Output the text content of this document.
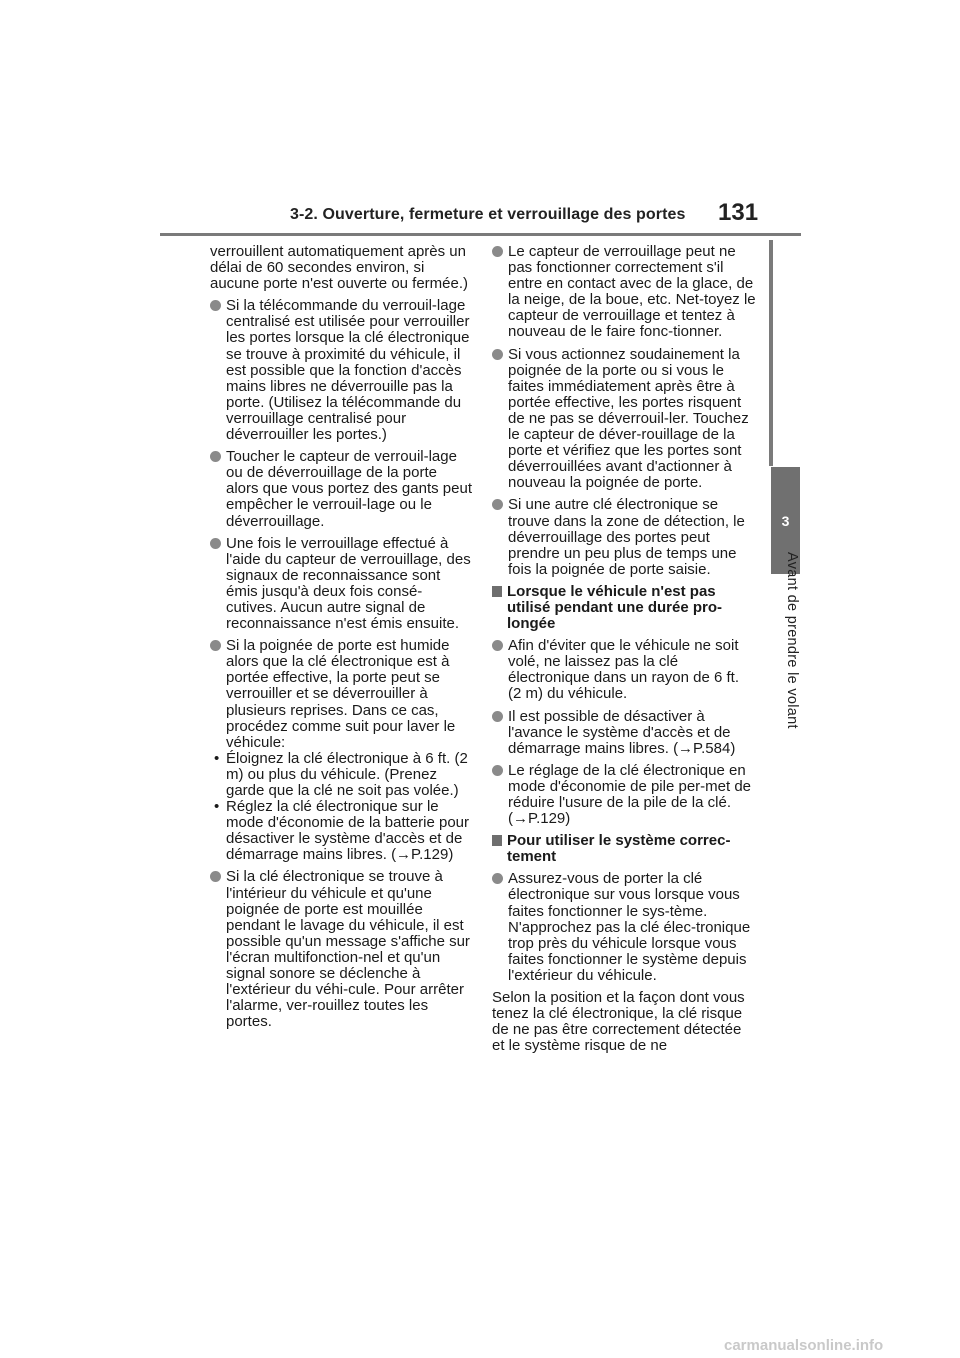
3-2. Ouverture, fermeture et verrouillage des portes 131
3
Avant de prendre le volant

verrouillent automatiquement après un délai de 60 secondes environ, si aucune porte n'est ouverte ou fermée.)

Si la télécommande du verrouil-lage centralisé est utilisée pour verrouiller les portes lorsque la clé électronique se trouve à proximité du véhicule, il est possible que la fonction d'accès mains libres ne déverrouille pas la porte. (Utilisez la télécommande du verrouillage centralisé pour déverrouiller les portes.)
Toucher le capteur de verrouil-lage ou de déverrouillage de la porte alors que vous portez des gants peut empêcher le verrouil-lage ou le déverrouillage.
Une fois le verrouillage effectué à l'aide du capteur de verrouillage, des signaux de reconnaissance sont émis jusqu'à deux fois consé-cutives. Aucun autre signal de reconnaissance n'est émis ensuite.
Si la poignée de porte est humide alors que la clé électronique est à portée effective, la porte peut se verrouiller et se déverrouiller à plusieurs reprises. Dans ce cas, procédez comme suit pour laver le véhicule:
• Éloignez la clé électronique à 6 ft. (2 m) ou plus du véhicule. (Prenez garde que la clé ne soit pas volée.)
• Réglez la clé électronique sur le mode d'économie de la batterie pour désactiver le système d'accès et de démarrage mains libres. (→P.129)
Si la clé électronique se trouve à l'intérieur du véhicule et qu'une poignée de porte est mouillée pendant le lavage du véhicule, il est possible qu'un message s'affiche sur l'écran multifonction-nel et qu'un signal sonore se déclenche à l'extérieur du véhi-cule. Pour arrêter l'alarme, ver-rouillez toutes les portes.
Le capteur de verrouillage peut ne pas fonctionner correctement s'il entre en contact avec de la glace, de la neige, de la boue, etc. Net-toyez le capteur de verrouillage et tentez à nouveau de le faire fonc-tionner.
Si vous actionnez soudainement la poignée de la porte ou si vous le faites immédiatement après être à portée effective, les portes risquent de ne pas se déverrouil-ler. Touchez le capteur de déver-rouillage de la porte et vérifiez que les portes sont déverrouillées avant d'actionner à nouveau la poignée de porte.
Si une autre clé électronique se trouve dans la zone de détection, le déverrouillage des portes peut prendre un peu plus de temps une fois la poignée de porte saisie.
Lorsque le véhicule n'est pas utilisé pendant une durée pro-longée
Afin d'éviter que le véhicule ne soit volé, ne laissez pas la clé électronique dans un rayon de 6 ft. (2 m) du véhicule.
Il est possible de désactiver à l'avance le système d'accès et de démarrage mains libres. (→P.584)
Le réglage de la clé électronique en mode d'économie de pile per-met de réduire l'usure de la pile de la clé. (→P.129)
Pour utiliser le système correc-tement
Assurez-vous de porter la clé électronique sur vous lorsque vous faites fonctionner le sys-tème. N'approchez pas la clé élec-tronique trop près du véhicule lorsque vous faites fonctionner le système depuis l'extérieur du véhicule.

Selon la position et la façon dont vous tenez la clé électronique, la clé risque de ne pas être correctement détectée et le système risque de ne

carmanualsonline.info
